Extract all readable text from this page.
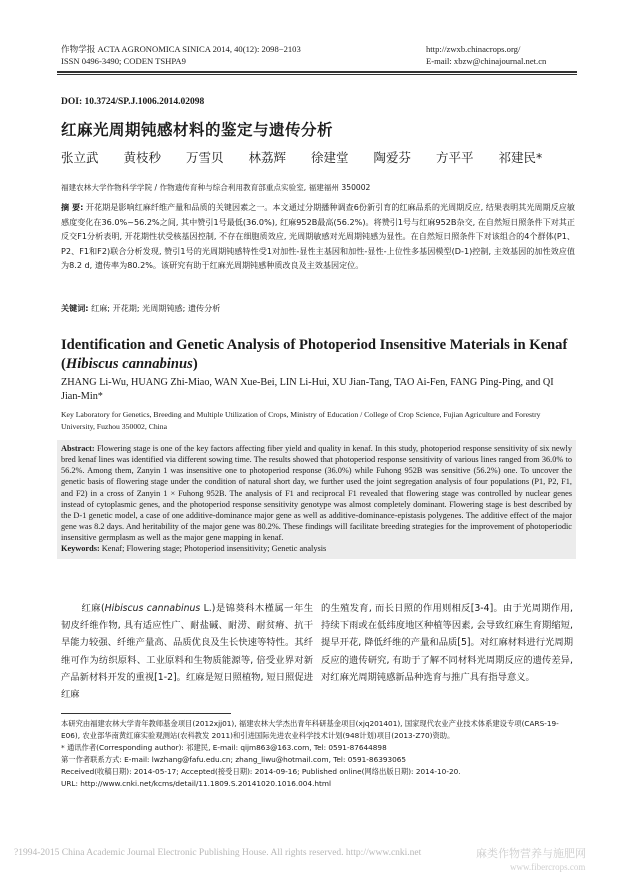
作物学报 ACTA AGRONOMICA SINICA 2014, 40(12): 2098−2103
ISSN 0496-3490; CODEN TSHPA9
http://zwxb.chinacrops.org/
E-mail: xbzw@chinajournal.net.cn
DOI: 10.3724/SP.J.1006.2014.02098
红麻光周期钝感材料的鉴定与遗传分析
张立武 黄枝秒 万雪贝 林荔辉 徐建堂 陶爱芬 方平平 祁建民*
福建农林大学作物科学学院 / 作物遗传育种与综合利用教育部重点实验室, 福建福州 350002
摘 要: 开花期是影响红麻纤维产量和品质的关键因素之一。本文通过分期播种调查6份新引育的红麻品系的光周期反应, 结果表明其光周期反应敏感度变化在36.0%~56.2%之间, 其中赞引1号最低(36.0%), 红麻952B最高(56.2%)。将赞引1号与红麻952B杂交, 在自然短日照条件下对其正反交F1分析表明, 开花期性状受核基因控制, 不存在细胞质效应, 光周期敏感对光周期钝感为显性。在自然短日照条件下对该组合的4个群体(P1、P2、F1和F2)联合分析发现, 赞引1号的光周期钝感特性受1对加性-显性主基因和加性-显性-上位性多基因模型(D-1)控制, 主效基因的加性效应值为8.2 d, 遗传率为80.2%。该研究有助于红麻光周期钝感种质改良及主效基因定位。
关键词: 红麻; 开花期; 光周期钝感; 遗传分析
Identification and Genetic Analysis of Photoperiod Insensitive Materials in Kenaf (Hibiscus cannabinus)
ZHANG Li-Wu, HUANG Zhi-Miao, WAN Xue-Bei, LIN Li-Hui, XU Jian-Tang, TAO Ai-Fen, FANG Ping-Ping, and QI Jian-Min*
Key Laboratory for Genetics, Breeding and Multiple Utilization of Crops, Ministry of Education / College of Crop Science, Fujian Agriculture and Forestry University, Fuzhou 350002, China
Abstract: Flowering stage is one of the key factors affecting fiber yield and quality in kenaf. In this study, photoperiod response sensitivity of six newly bred kenaf lines was identified via different sowing time. The results showed that photoperiod response sensitivity of various lines ranged from 36.0% to 56.2%. Among them, Zanyin 1 was insensitive one to photoperiod response (36.0%) while Fuhong 952B was sensitive (56.2%) one. To uncover the genetic basis of flowering stage under the condition of natural short day, we further used the joint segregation analysis of four populations (P1, P2, F1, and F2) in a cross of Zanyin 1 × Fuhong 952B. The analysis of F1 and reciprocal F1 revealed that flowering stage was controlled by nuclear genes instead of cytoplasmic genes, and the photoperiod response sensitivity genotype was almost completely dominant. Flowering stage is best described by the D-1 genetic model, a case of one additive-dominance major gene as well as additive-dominance-epistasis polygenes. The additive effect of the major gene was 8.2 days. And heritability of the major gene was 80.2%. These findings will facilitate breeding strategies for the improvement of photoperiodic insensitive germplasm as well as the major gene mapping in kenaf.
Keywords: Kenaf; Flowering stage; Photoperiod insensitivity; Genetic analysis
红麻(Hibiscus cannabinus L.)是锦葵科木槿属一年生韧皮纤维作物, 具有适应性广、耐盐碱、耐涝、耐贫瘠、抗干旱能力较强、纤维产量高、品质优良及生长快速等特性。其纤维可作为纺织原料、工业原料和生物质能源等, 倍受业界对新产品新材料开发的重视[1-2]。红麻是短日照植物, 短日照促进红麻
的生殖发育, 而长日照的作用则相反[3-4]。由于光周期作用, 持续下雨或在低纬度地区种植等因素, 会导致红麻生育期缩短, 提早开花, 降低纤维的产量和品质[5]。对红麻材料进行光周期反应的遗传研究, 有助于了解不同材料光周期反应的遗传差异, 对红麻光周期钝感新品种选育与推广具有指导意义。
本研究由福建农林大学青年教师基金项目(2012xjj01), 福建农林大学杰出青年科研基金项目(xjq201401), 国家现代农业产业技术体系建设专项(CARS-19-E06), 农业部华南黄红麻实验观测站(农科教发 2011)和引进国际先进农业科学技术计划(948计划)项目(2013-Z70)资助。
* 通讯作者(Corresponding author): 祁建民, E-mail: qijm863@163.com, Tel: 0591-87644898
第一作者联系方式: E-mail: lwzhang@fafu.edu.cn; zhang_liwu@hotmail.com, Tel: 0591-86393065
Received(收稿日期): 2014-05-17; Accepted(接受日期): 2014-09-16; Published online(网络出版日期): 2014-10-20.
URL: http://www.cnki.net/kcms/detail/11.1809.S.20141020.1016.004.html
?1994-2015 China Academic Journal Electronic Publishing House. All rights reserved. http://www.cnki.net	麻类作物营养与施肥网
www.fibercrops.com
